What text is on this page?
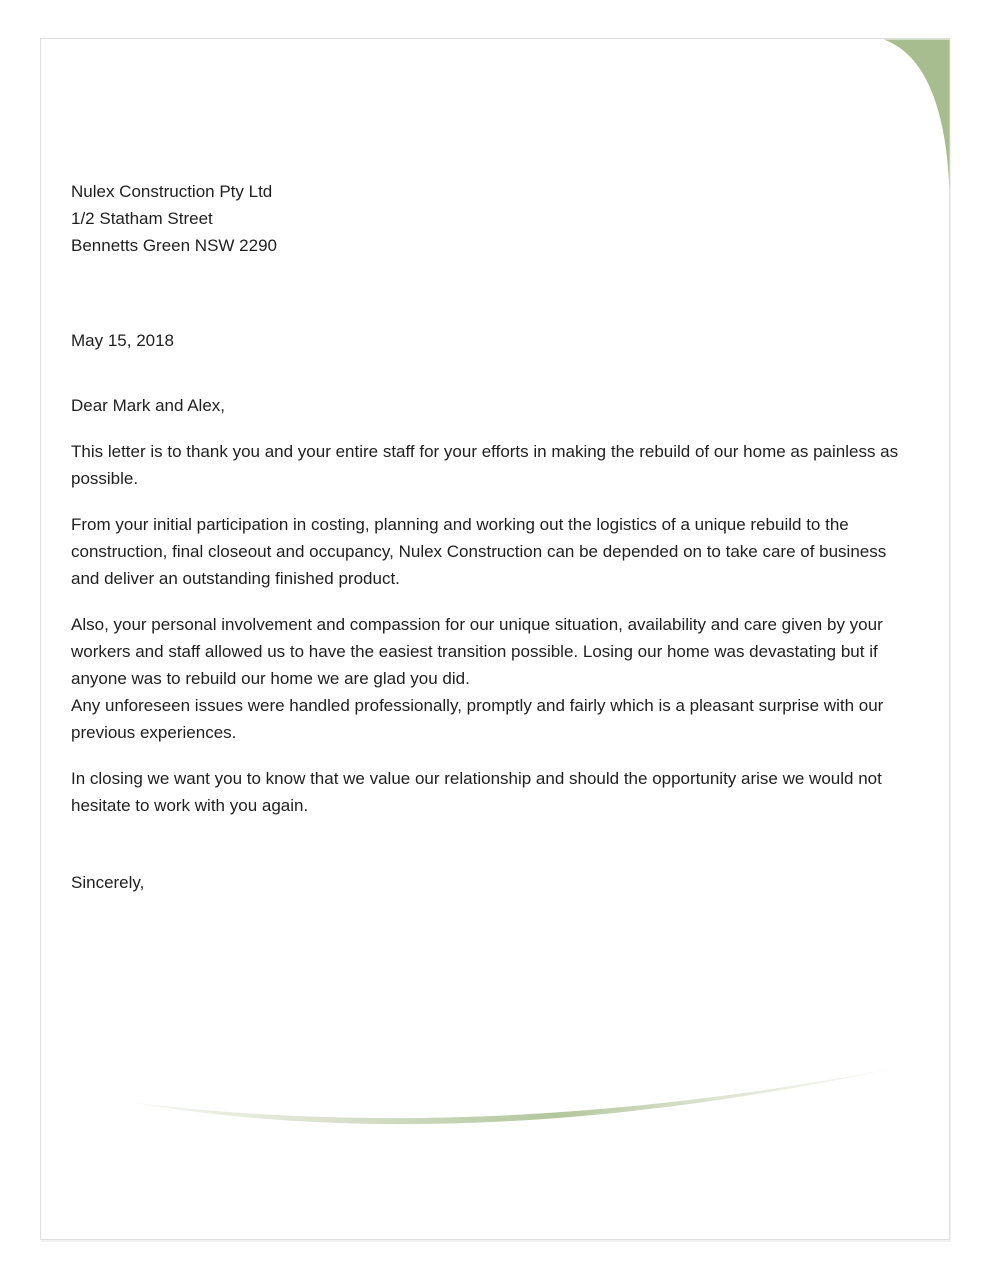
Nulex Construction Pty Ltd
1/2 Statham Street
Bennetts Green NSW 2290
May 15, 2018
Dear Mark and Alex,

This letter is to thank you and your entire staff for your efforts in making the rebuild of our home as painless as possible.

From your initial participation in costing, planning and working out the logistics of a unique rebuild to the construction, final closeout and occupancy, Nulex Construction can be depended on to take care of business and deliver an outstanding finished product.

Also, your personal involvement and compassion for our unique situation, availability and care given by your workers and staff allowed us to have the easiest transition possible. Losing our home was devastating but if anyone was to rebuild our home we are glad you did.

Any unforeseen issues were handled professionally, promptly and fairly which is a pleasant surprise with our previous experiences.

In closing we want you to know that we value our relationship and should the opportunity arise we would not hesitate to work with you again.

Sincerely,
